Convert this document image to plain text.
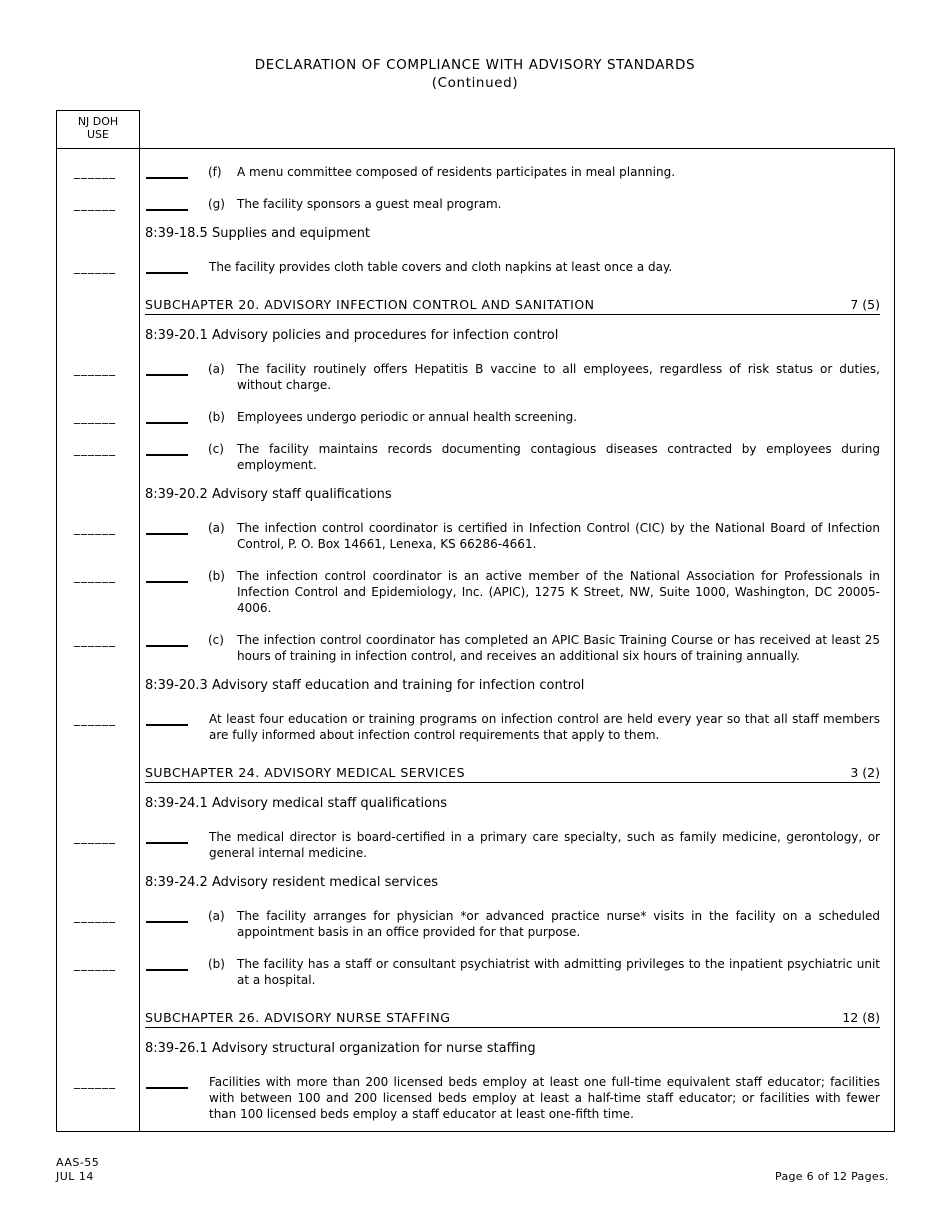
DECLARATION OF COMPLIANCE WITH ADVISORY STANDARDS
(Continued)
NJ DOH
USE
______	(f) A menu committee composed of residents participates in meal planning.
______	(g) The facility sponsors a guest meal program.
8:39-18.5 Supplies and equipment
______	The facility provides cloth table covers and cloth napkins at least once a day.
SUBCHAPTER 20. ADVISORY INFECTION CONTROL AND SANITATION	7 (5)
8:39-20.1 Advisory policies and procedures for infection control
______	(a) The facility routinely offers Hepatitis B vaccine to all employees, regardless of risk status or duties, without charge.
______	(b) Employees undergo periodic or annual health screening.
______	(c) The facility maintains records documenting contagious diseases contracted by employees during employment.
8:39-20.2 Advisory staff qualifications
______	(a) The infection control coordinator is certified in Infection Control (CIC) by the National Board of Infection Control, P. O. Box 14661, Lenexa, KS 66286-4661.
______	(b) The infection control coordinator is an active member of the National Association for Professionals in Infection Control and Epidemiology, Inc. (APIC), 1275 K Street, NW, Suite 1000, Washington, DC 20005-4006.
______	(c) The infection control coordinator has completed an APIC Basic Training Course or has received at least 25 hours of training in infection control, and receives an additional six hours of training annually.
8:39-20.3 Advisory staff education and training for infection control
______	At least four education or training programs on infection control are held every year so that all staff members are fully informed about infection control requirements that apply to them.
SUBCHAPTER 24. ADVISORY MEDICAL SERVICES	3 (2)
8:39-24.1 Advisory medical staff qualifications
______	The medical director is board-certified in a primary care specialty, such as family medicine, gerontology, or general internal medicine.
8:39-24.2 Advisory resident medical services
______	(a) The facility arranges for physician *or advanced practice nurse* visits in the facility on a scheduled appointment basis in an office provided for that purpose.
______	(b) The facility has a staff or consultant psychiatrist with admitting privileges to the inpatient psychiatric unit at a hospital.
SUBCHAPTER 26. ADVISORY NURSE STAFFING	12 (8)
8:39-26.1 Advisory structural organization for nurse staffing
______	Facilities with more than 200 licensed beds employ at least one full-time equivalent staff educator; facilities with between 100 and 200 licensed beds employ at least a half-time staff educator; or facilities with fewer than 100 licensed beds employ a staff educator at least one-fifth time.
AAS-55
JUL 14	Page 6 of 12 Pages.
